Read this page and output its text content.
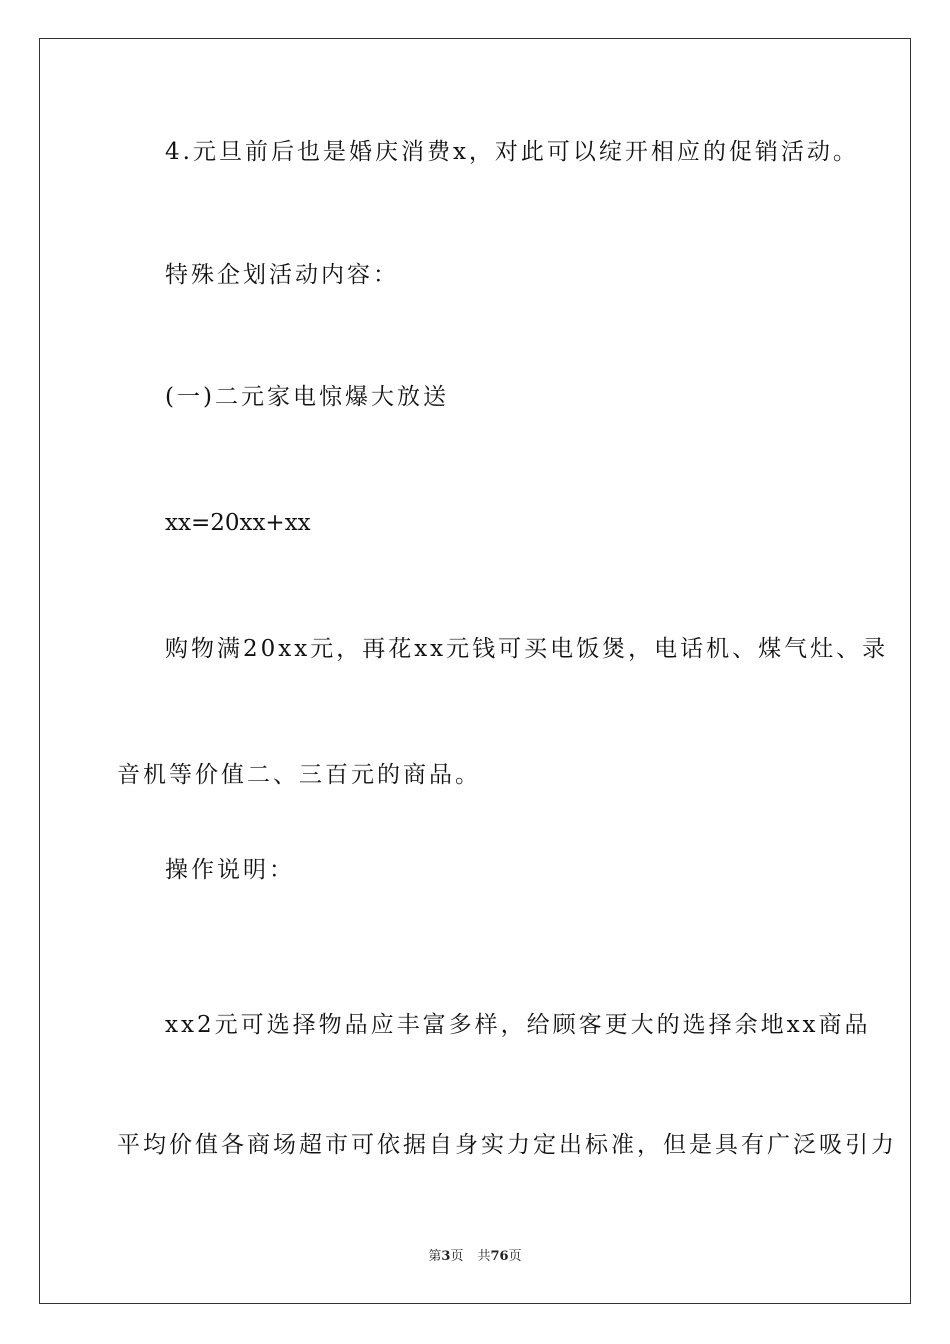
4.元旦前后也是婚庆消费x，对此可以绽开相应的促销活动。
特殊企划活动内容：
(一)二元家电惊爆大放送
xx=20xx+xx
购物满20xx元，再花xx元钱可买电饭煲，电话机、煤气灶、录
音机等价值二、三百元的商品。
操作说明：
xx2元可选择物品应丰富多样，给顾客更大的选择余地xx商品
平均价值各商场超市可依据自身实力定出标准，但是具有广泛吸引力
第3页 共76页
